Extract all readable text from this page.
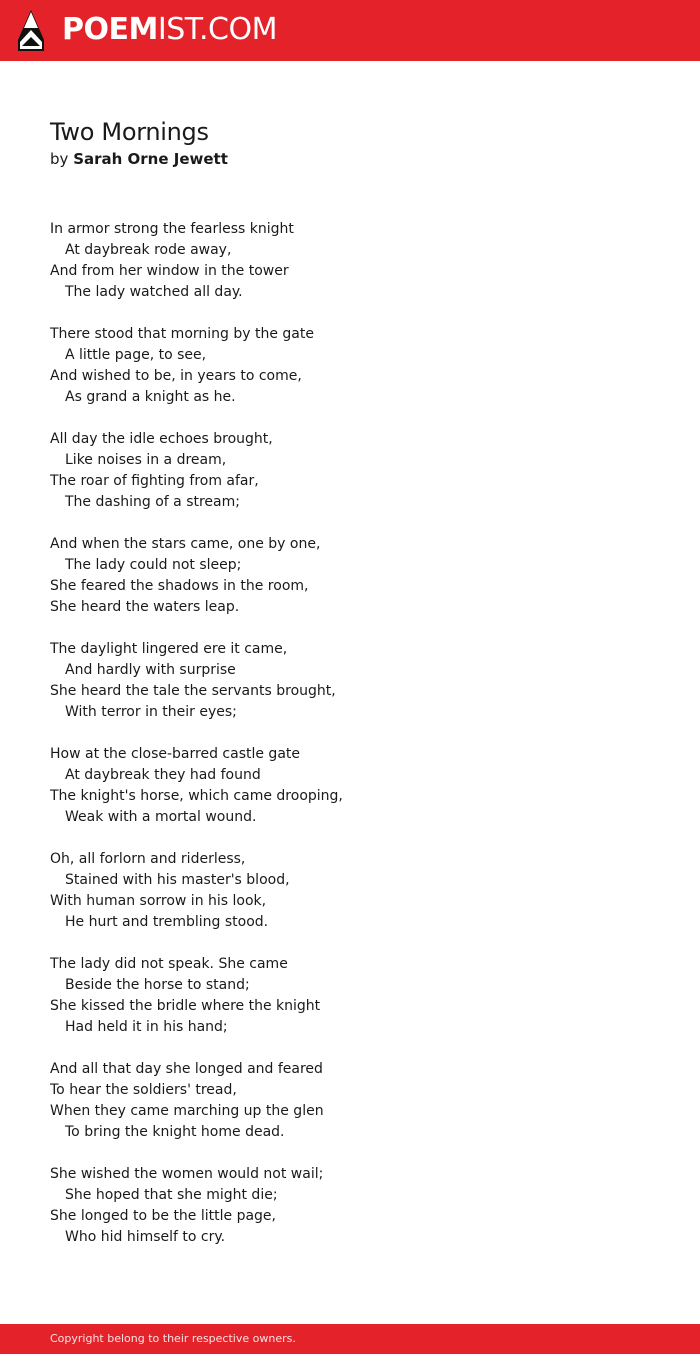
POEMIST.COM
Two Mornings
by Sarah Orne Jewett
In armor strong the fearless knight
At daybreak rode away,
And from her window in the tower
The lady watched all day.
There stood that morning by the gate
A little page, to see,
And wished to be, in years to come,
As grand a knight as he.
All day the idle echoes brought,
Like noises in a dream,
The roar of fighting from afar,
The dashing of a stream;
And when the stars came, one by one,
The lady could not sleep;
She feared the shadows in the room,
She heard the waters leap.
The daylight lingered ere it came,
And hardly with surprise
She heard the tale the servants brought,
With terror in their eyes;
How at the close-barred castle gate
At daybreak they had found
The knight's horse, which came drooping,
Weak with a mortal wound.
Oh, all forlorn and riderless,
Stained with his master's blood,
With human sorrow in his look,
He hurt and trembling stood.
The lady did not speak. She came
Beside the horse to stand;
She kissed the bridle where the knight
Had held it in his hand;
And all that day she longed and feared
To hear the soldiers' tread,
When they came marching up the glen
To bring the knight home dead.
She wished the women would not wail;
She hoped that she might die;
She longed to be the little page,
Who hid himself to cry.
Copyright belong to their respective owners.
